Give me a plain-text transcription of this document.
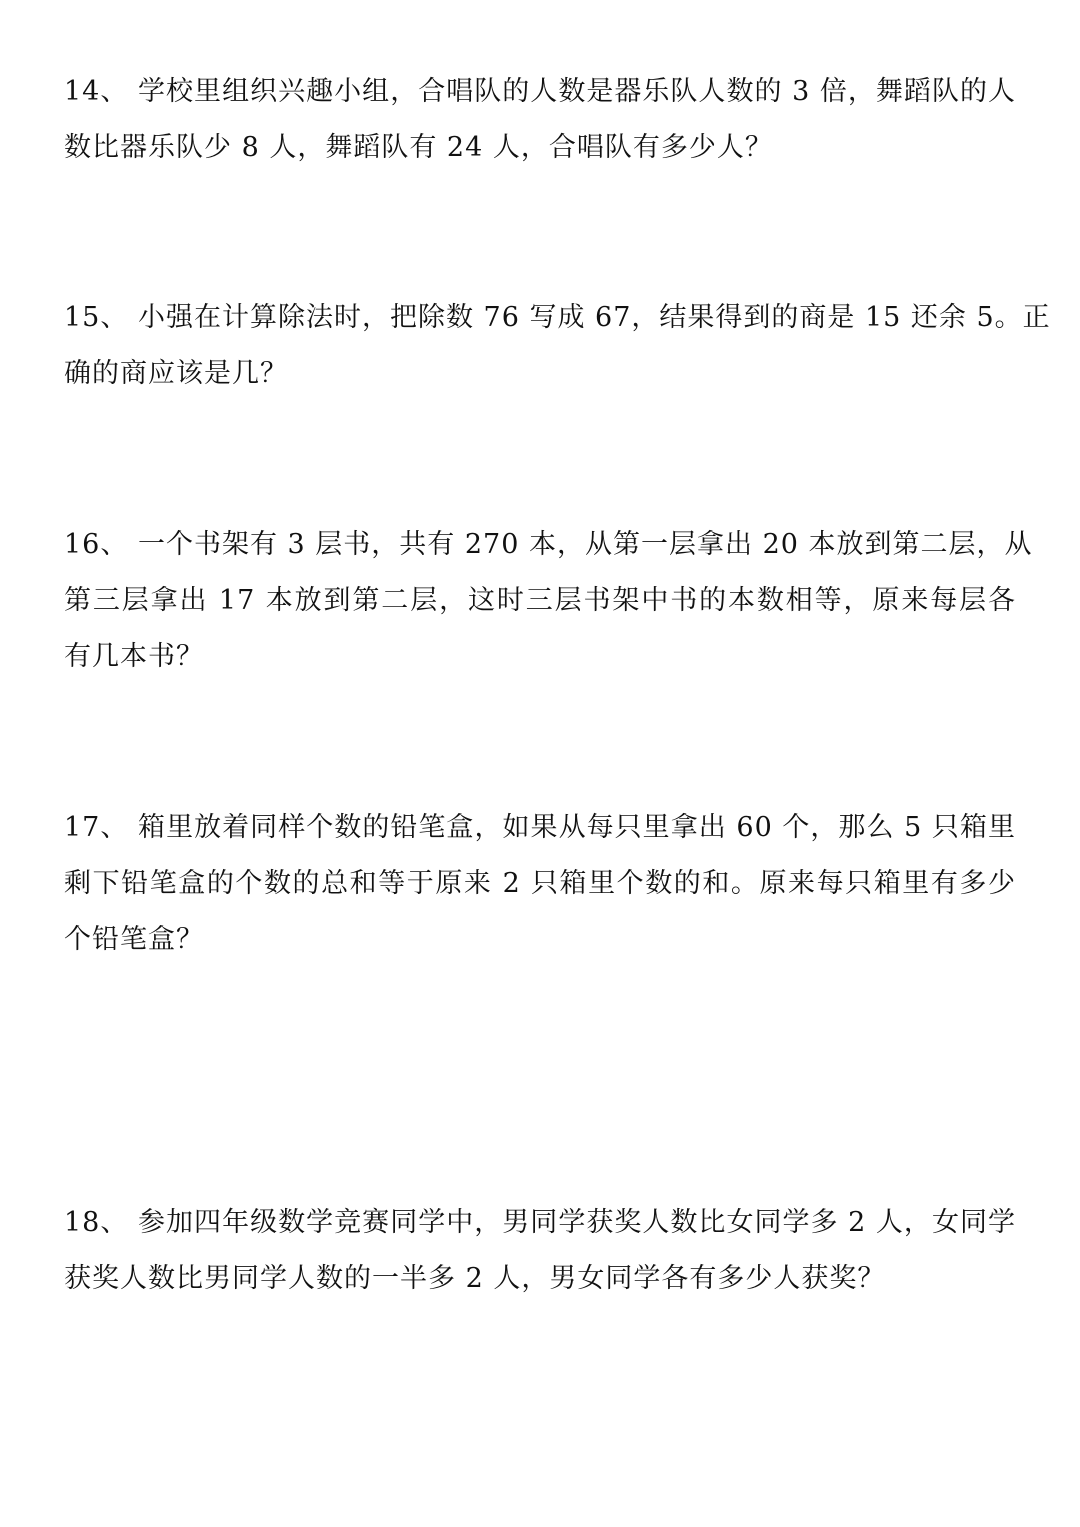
14、 学校里组织兴趣小组，合唱队的人数是器乐队人数的 3 倍，舞蹈队的人
数比器乐队少 8 人，舞蹈队有 24 人，合唱队有多少人？
15、 小强在计算除法时，把除数 76 写成 67，结果得到的商是 15 还余 5。正
确的商应该是几？
16、 一个书架有 3 层书，共有 270 本，从第一层拿出 20 本放到第二层，从
第三层拿出 17 本放到第二层，这时三层书架中书的本数相等，原来每层各
有几本书？
17、 箱里放着同样个数的铅笔盒，如果从每只里拿出 60 个，那么 5 只箱里
剩下铅笔盒的个数的总和等于原来 2 只箱里个数的和。原来每只箱里有多少
个铅笔盒？
18、 参加四年级数学竞赛同学中，男同学获奖人数比女同学多 2 人，女同学
获奖人数比男同学人数的一半多 2 人，男女同学各有多少人获奖？
